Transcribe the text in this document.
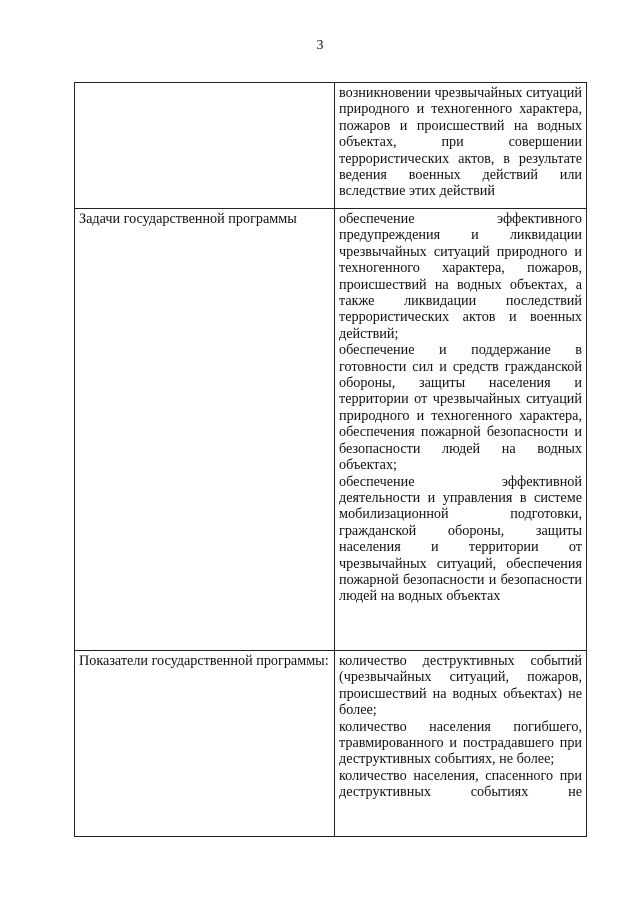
3

	возникновении чрезвычайных ситуаций природного и техногенного характера, пожаров и происшествий на водных объектах, при совершении террористических актов, в результате ведения военных действий или вследствие этих действий

Задачи государственной программы	обеспечение эффективного предупреждения и ликвидации чрезвычайных ситуаций природного и техногенного характера, пожаров, происшествий на водных объектах, а также ликвидации последствий террористических актов и военных действий;

обеспечение и поддержание в готовности сил и средств гражданской обороны, защиты населения и территории от чрезвычайных ситуаций природного и техногенного характера, обеспечения пожарной безопасности и безопасности людей на водных объектах;

обеспечение эффективной деятельности и управления в системе мобилизационной подготовки, гражданской обороны, защиты населения и территории от чрезвычайных ситуаций, обеспечения пожарной безопасности и безопасности людей на водных объектах

Показатели государственной программы:	количество деструктивных событий (чрезвычайных ситуаций, пожаров, происшествий на водных объектах) не более;

количество населения погибшего, травмированного и пострадавшего при деструктивных событиях, не более;

количество населения, спасенного при деструктивных событиях не
